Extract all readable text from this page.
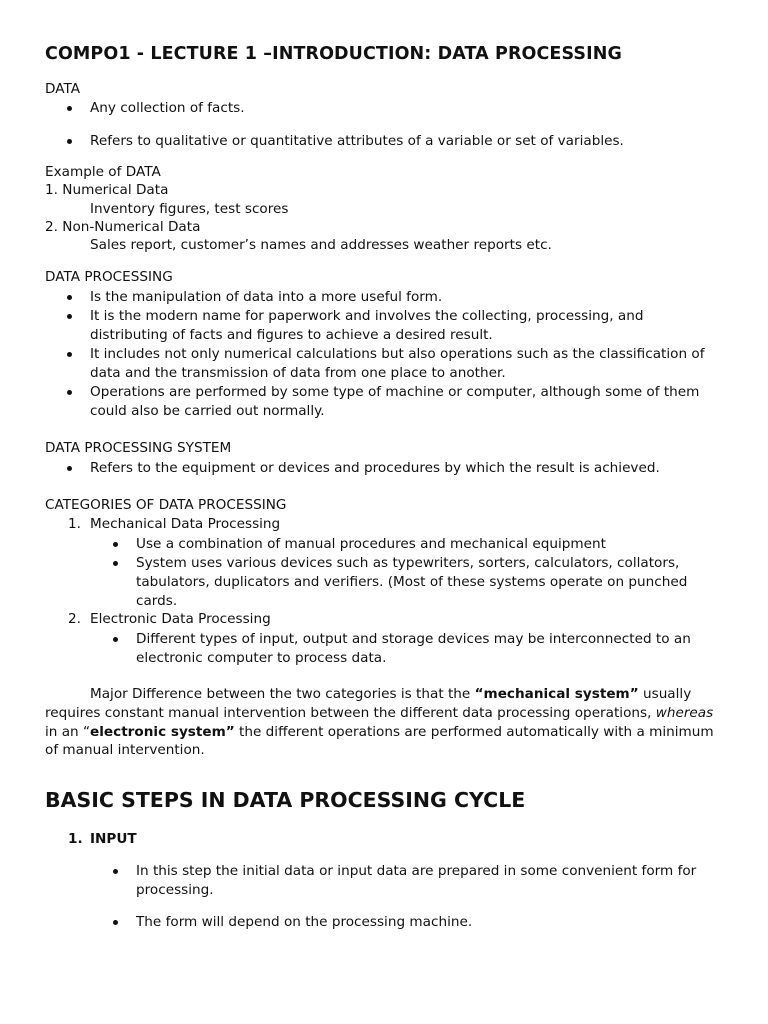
COMPO1 - LECTURE 1 –INTRODUCTION: DATA PROCESSING
DATA
Any collection of facts.
Refers to qualitative or quantitative attributes of a variable or set of variables.
Example of DATA
1. Numerical Data
Inventory figures, test scores
2. Non-Numerical Data
Sales report, customer’s names and addresses weather reports etc.
DATA PROCESSING
Is the manipulation of data into a more useful form.
It is the modern name for paperwork and involves the collecting, processing, and
distributing of facts and figures to achieve a desired result.
It includes not only numerical calculations but also operations such as the classification of
data and the transmission of data from one place to another.
Operations are performed by some type of machine or computer, although some of them
could also be carried out normally.
DATA PROCESSING SYSTEM
Refers to the equipment or devices and procedures by which the result is achieved.
CATEGORIES OF DATA PROCESSING
1. Mechanical Data Processing
Use a combination of manual procedures and mechanical equipment
System uses various devices such as typewriters, sorters, calculators, collators,
tabulators, duplicators and verifiers. (Most of these systems operate on punched
cards.
2. Electronic Data Processing
Different types of input, output and storage devices may be interconnected to an
electronic computer to process data.
Major Difference between the two categories is that the “mechanical system” usually
requires constant manual intervention between the different data processing operations, whereas
in an “electronic system” the different operations are performed automatically with a minimum
of manual intervention.
BASIC STEPS IN DATA PROCESSING CYCLE
1. INPUT
In this step the initial data or input data are prepared in some convenient form for
processing.
The form will depend on the processing machine.
